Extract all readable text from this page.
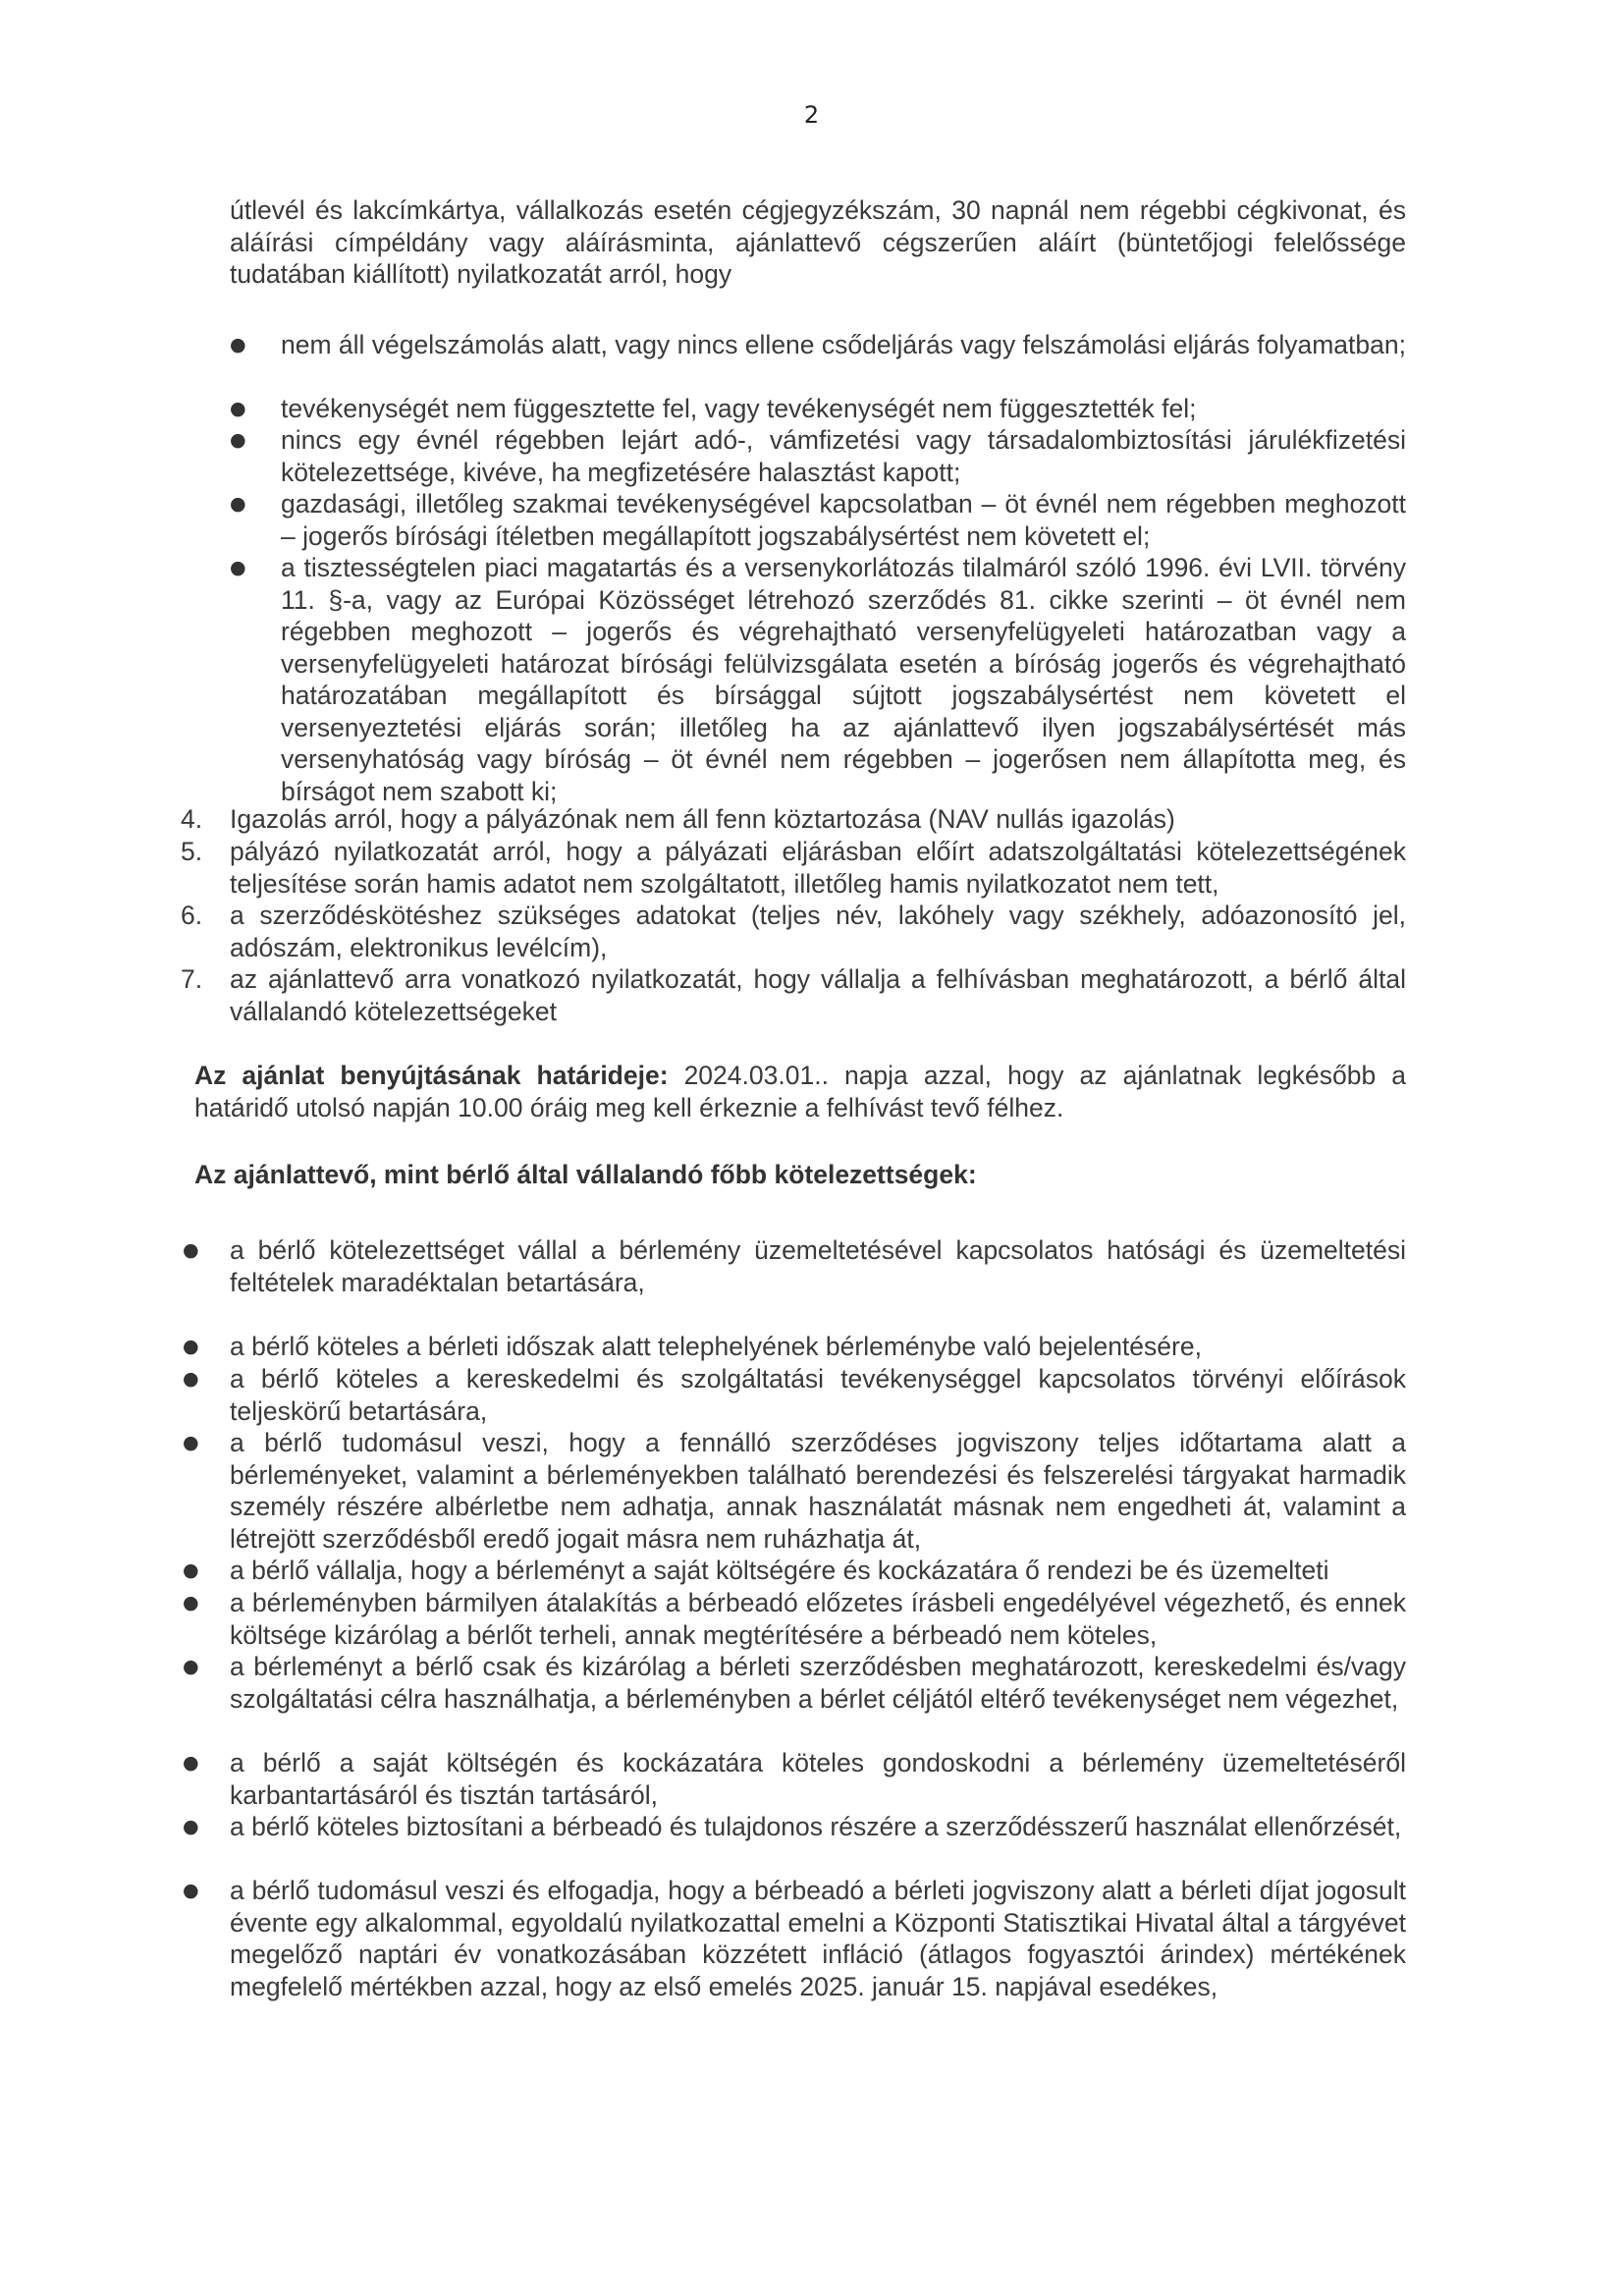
2
útlevél és lakcímkártya, vállalkozás esetén cégjegyzékszám, 30 napnál nem régebbi cégkivonat, és aláírási címpéldány vagy aláírásminta, ajánlattevő cégszerűen aláírt (büntetőjogi felelőssége tudatában kiállított) nyilatkozatát arról, hogy
● nem áll végelszámolás alatt, vagy nincs ellene csődeljárás vagy felszámolási eljárás folyamatban;
● tevékenységét nem függesztette fel, vagy tevékenységét nem függesztették fel;
● nincs egy évnél régebben lejárt adó-, vámfizetési vagy társadalombiztosítási járulékfizetési kötelezettsége, kivéve, ha megfizetésére halasztást kapott;
● gazdasági, illetőleg szakmai tevékenységével kapcsolatban – öt évnél nem régebben meghozott – jogerős bírósági ítéletben megállapított jogszabálysértést nem követett el;
● a tisztességtelen piaci magatartás és a versenykorlátozás tilalmáról szóló 1996. évi LVII. törvény 11. §-a, vagy az Európai Közösséget létrehozó szerződés 81. cikke szerinti – öt évnél nem régebben meghozott – jogerős és végrehajtható versenyfelügyeleti határozatban vagy a versenyfelügyeleti határozat bírósági felülvizsgálata esetén a bíróság jogerős és végrehajtható határozatában megállapított és bírsággal sújtott jogszabálysértést nem követett el versenyeztetési eljárás során; illetőleg ha az ajánlattevő ilyen jogszabálysértését más versenyhatóság vagy bíróság – öt évnél nem régebben – jogerősen nem állapította meg, és bírságot nem szabott ki;
4. Igazolás arról, hogy a pályázónak nem áll fenn köztartozása (NAV nullás igazolás)
5. pályázó nyilatkozatát arról, hogy a pályázati eljárásban előírt adatszolgáltatási kötelezettségének teljesítése során hamis adatot nem szolgáltatott, illetőleg hamis nyilatkozatot nem tett,
6. a szerződéskötéshez szükséges adatokat (teljes név, lakóhely vagy székhely, adóazonosító jel, adószám, elektronikus levélcím),
7. az ajánlattevő arra vonatkozó nyilatkozatát, hogy vállalja a felhívásban meghatározott, a bérlő által vállalandó kötelezettségeket
Az ajánlat benyújtásának határideje: 2024.03.01.. napja azzal, hogy az ajánlatnak legkésőbb a határidő utolsó napján 10.00 óráig meg kell érkeznie a felhívást tevő félhez.
Az ajánlattevő, mint bérlő által vállalandó főbb kötelezettségek:
● a bérlő kötelezettséget vállal a bérlemény üzemeltetésével kapcsolatos hatósági és üzemeltetési feltételek maradéktalan betartására,
● a bérlő köteles a bérleti időszak alatt telephelyének bérleménybe való bejelentésére,
● a bérlő köteles a kereskedelmi és szolgáltatási tevékenységgel kapcsolatos törvényi előírások teljeskörű betartására,
● a bérlő tudomásul veszi, hogy a fennálló szerződéses jogviszony teljes időtartama alatt a bérleményeket, valamint a bérleményekben található berendezési és felszerelési tárgyakat harmadik személy részére albérletbe nem adhatja, annak használatát másnak nem engedheti át, valamint a létrejött szerződésből eredő jogait másra nem ruházhatja át,
● a bérlő vállalja, hogy a bérleményt a saját költségére és kockázatára ő rendezi be és üzemelteti
● a bérleményben bármilyen átalakítás a bérbeadó előzetes írásbeli engedélyével végezhető, és ennek költsége kizárólag a bérlőt terheli, annak megtérítésére a bérbeadó nem köteles,
● a bérleményt a bérlő csak és kizárólag a bérleti szerződésben meghatározott, kereskedelmi és/vagy szolgáltatási célra használhatja, a bérleményben a bérlet céljától eltérő tevékenységet nem végezhet,
● a bérlő a saját költségén és kockázatára köteles gondoskodni a bérlemény üzemeltetéséről karbantartásáról és tisztán tartásáról,
● a bérlő köteles biztosítani a bérbeadó és tulajdonos részére a szerződésszerű használat ellenőrzését,
● a bérlő tudomásul veszi és elfogadja, hogy a bérbeadó a bérleti jogviszony alatt a bérleti díjat jogosult évente egy alkalommal, egyoldalú nyilatkozattal emelni a Központi Statisztikai Hivatal által a tárgyévet megelőző naptári év vonatkozásában közzétett infláció (átlagos fogyasztói árindex) mértékének megfelelő mértékben azzal, hogy az első emelés 2025. január 15. napjával esedékes,
